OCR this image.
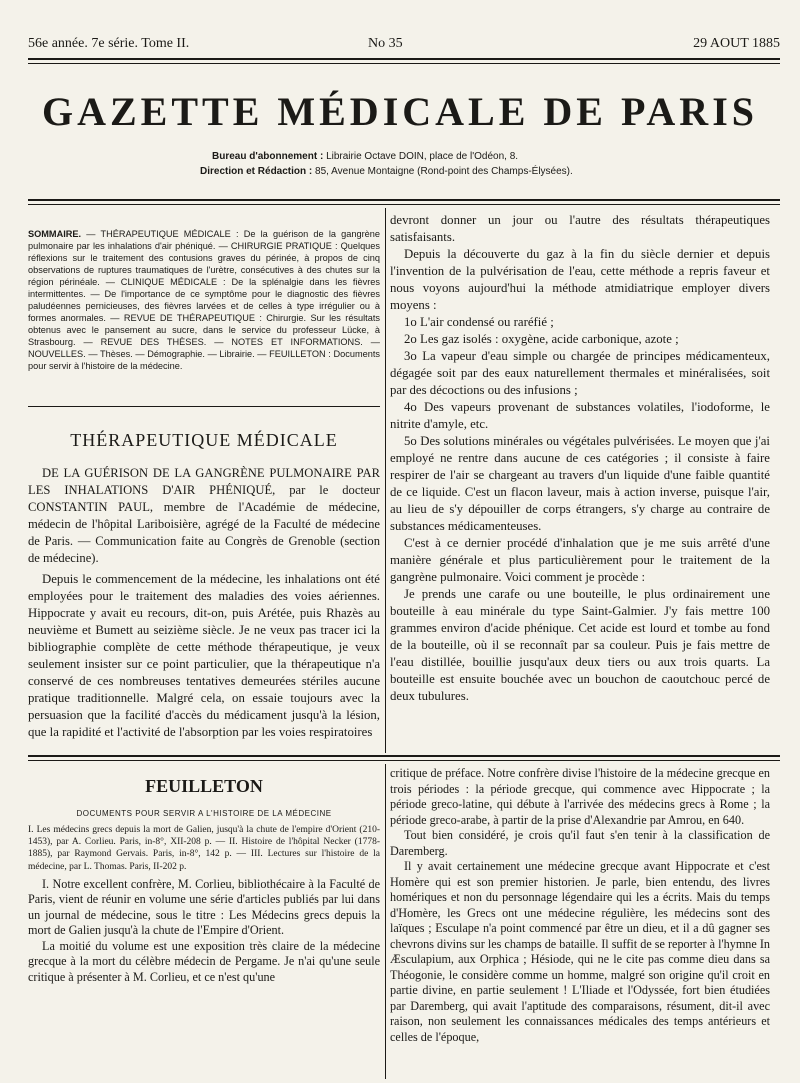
56e année. 7e série. Tome II.	No 35	29 AOUT 1885
GAZETTE MÉDICALE DE PARIS
Bureau d'abonnement : Librairie Octave DOIN, place de l'Odéon, 8.
Direction et Rédaction : 85, Avenue Montaigne (Rond-point des Champs-Élysées).
SOMMAIRE. — THÉRAPEUTIQUE MÉDICALE : De la guérison de la gangrène pulmonaire par les inhalations d'air phéniqué. — CHIRURGIE PRATIQUE : Quelques réflexions sur le traitement des contusions graves du périnée, à propos de cinq observations de ruptures traumatiques de l'urètre, consécutives à des chutes sur la région périnéale. — CLINIQUE MÉDICALE : De la splénalgie dans les fièvres intermittentes. — De l'importance de ce symptôme pour le diagnostic des fièvres paludéennes pernicieuses, des fièvres larvées et de celles à type irrégulier ou à formes anormales. — REVUE DE THÉRAPEUTIQUE : Chirurgie. Sur les résultats obtenus avec le pansement au sucre, dans le service du professeur Lücke, à Strasbourg. — REVUE DES THÈSES. — NOTES ET INFORMATIONS. — NOUVELLES. — Thèses. — Démographie. — Librairie. — FEUILLETON : Documents pour servir à l'histoire de la médecine.
THÉRAPEUTIQUE MÉDICALE

DE LA GUÉRISON DE LA GANGRÈNE PULMONAIRE PAR LES INHALATIONS D'AIR PHÉNIQUÉ, par le docteur CONSTANTIN PAUL, membre de l'Académie de médecine, médecin de l'hôpital Lariboisière, agrégé de la Faculté de médecine de Paris. — Communication faite au Congrès de Grenoble (section de médecine).

Depuis le commencement de la médecine, les inhalations ont été employées pour le traitement des maladies des voies aériennes. Hippocrate y avait eu recours, dit-on, puis Arétée, puis Rhazès au neuvième et Bumett au seizième siècle. Je ne veux pas tracer ici la bibliographie complète de cette méthode thérapeutique, je veux seulement insister sur ce point particulier, que la thérapeutique n'a conservé de ces nombreuses tentatives demeurées stériles aucune pratique traditionnelle. Malgré cela, on essaie toujours avec la persuasion que la facilité d'accès du médicament jusqu'à la lésion, que la rapidité et l'activité de l'absorption par les voies respiratoires

devront donner un jour ou l'autre des résultats thérapeutiques satisfaisants.

Depuis la découverte du gaz à la fin du siècle dernier et depuis l'invention de la pulvérisation de l'eau, cette méthode a repris faveur et nous voyons aujourd'hui la méthode atmidiatrique employer divers moyens :

1o L'air condensé ou raréfié ;
2o Les gaz isolés : oxygène, acide carbonique, azote ;
3o La vapeur d'eau simple ou chargée de principes médicamenteux, dégagée soit par des eaux naturellement thermales et minéralisées, soit par des décoctions ou des infusions ;
4o Des vapeurs provenant de substances volatiles, l'iodoforme, le nitrite d'amyle, etc.
5o Des solutions minérales ou végétales pulvérisées. Le moyen que j'ai employé ne rentre dans aucune de ces catégories ; il consiste à faire respirer de l'air se chargeant au travers d'un liquide d'une faible quantité de ce liquide. C'est un flacon laveur, mais à action inverse, puisque l'air, au lieu de s'y dépouiller de corps étrangers, s'y charge au contraire de substances médicamenteuses.

C'est à ce dernier procédé d'inhalation que je me suis arrêté d'une manière générale et plus particulièrement pour le traitement de la gangrène pulmonaire. Voici comment je procède :

Je prends une carafe ou une bouteille, le plus ordinairement une bouteille à eau minérale du type Saint-Galmier. J'y fais mettre 100 grammes environ d'acide phénique. Cet acide est lourd et tombe au fond de la bouteille, où il se reconnaît par sa couleur. Puis je fais mettre de l'eau distillée, bouillie jusqu'aux deux tiers ou aux trois quarts. La bouteille est ensuite bouchée avec un bouchon de caoutchouc percé de deux tubulures.

FEUILLETON
DOCUMENTS POUR SERVIR A L'HISTOIRE DE LA MÉDECINE
I. Les médecins grecs depuis la mort de Galien, jusqu'à la chute de l'empire d'Orient (210-1453), par A. Corlieu. Paris, in-8°, XII-208 p. — II. Histoire de l'hôpital Necker (1778-1885), par Raymond Gervais. Paris, in-8°, 142 p. — III. Lectures sur l'histoire de la médecine, par L. Thomas. Paris, II-202 p.

I. Notre excellent confrère, M. Corlieu, bibliothécaire à la Faculté de Paris, vient de réunir en volume une série d'articles publiés par lui dans un journal de médecine, sous le titre : Les Médecins grecs depuis la mort de Galien jusqu'à la chute de l'Empire d'Orient.

La moitié du volume est une exposition très claire de la médecine grecque à la mort du célèbre médecin de Pergame. Je n'ai qu'une seule critique à présenter à M. Corlieu, et ce n'est qu'une

critique de préface. Notre confrère divise l'histoire de la médecine grecque en trois périodes : la période grecque, qui commence avec Hippocrate ; la période greco-latine, qui débute à l'arrivée des médecins grecs à Rome ; la période greco-arabe, à partir de la prise d'Alexandrie par Amrou, en 640.

Tout bien considéré, je crois qu'il faut s'en tenir à la classification de Daremberg.

Il y avait certainement une médecine grecque avant Hippocrate et c'est Homère qui est son premier historien. Je parle, bien entendu, des livres homériques et non du personnage légendaire qui les a écrits. Mais du temps d'Homère, les Grecs ont une médecine régulière, les médecins sont des laïques ; Esculape n'a point commencé par être un dieu, et il a dû gagner ses chevrons divins sur les champs de bataille. Il suffit de se reporter à l'hymne In Æsculapium, aux Orphica ; Hésiode, qui ne le cite pas comme dieu dans sa Théogonie, le considère comme un homme, malgré son origine qu'il croit en partie divine, en partie seulement ! L'Iliade et l'Odyssée, fort bien étudiées par Daremberg, qui avait l'aptitude des comparaisons, résument, dit-il avec raison, non seulement les connaissances médicales des temps antérieurs et celles de l'époque,
